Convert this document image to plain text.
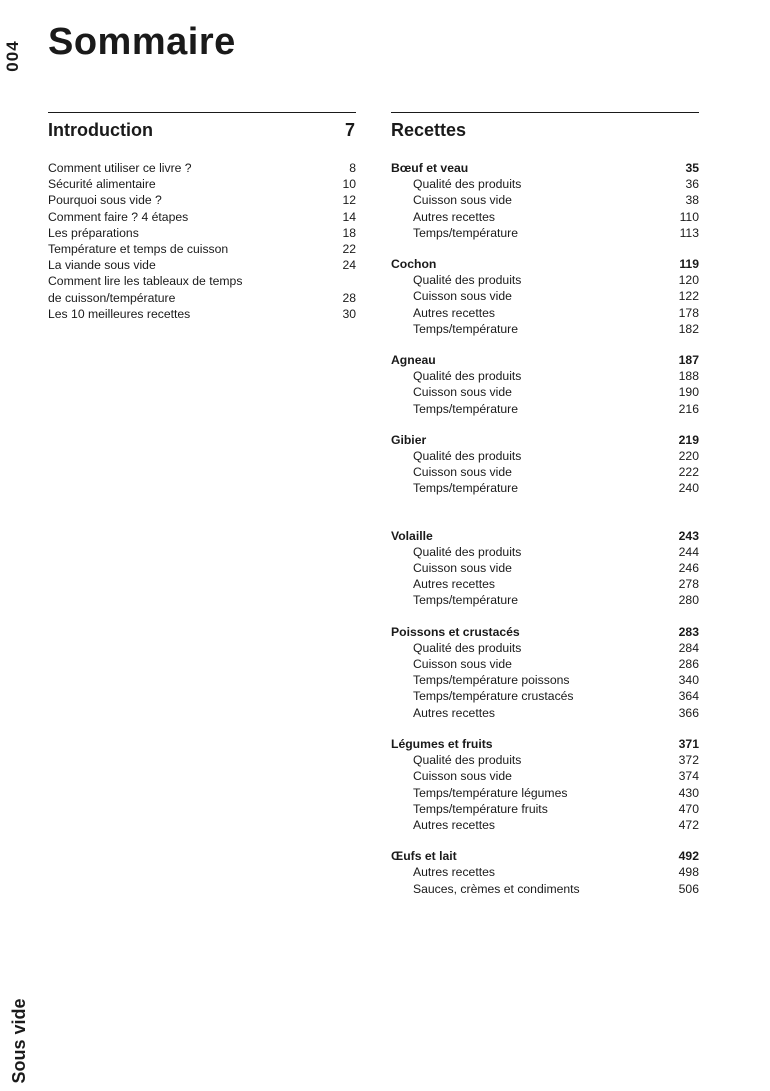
004
Sous vide
Sommaire
Introduction	7
Comment utiliser ce livre ?	8
Sécurité alimentaire	10
Pourquoi sous vide ?	12
Comment faire ? 4 étapes	14
Les préparations	18
Température et temps de cuisson	22
La viande sous vide	24
Comment lire les tableaux de temps
de cuisson/température	28
Les 10 meilleures recettes	30
Recettes
Bœuf et veau	35
Qualité des produits	36
Cuisson sous vide	38
Autres recettes	110
Temps/température	113
Cochon	119
Qualité des produits	120
Cuisson sous vide	122
Autres recettes	178
Temps/température	182
Agneau	187
Qualité des produits	188
Cuisson sous vide	190
Temps/température	216
Gibier	219
Qualité des produits	220
Cuisson sous vide	222
Temps/température	240
Volaille	243
Qualité des produits	244
Cuisson sous vide	246
Autres recettes	278
Temps/température	280
Poissons et crustacés	283
Qualité des produits	284
Cuisson sous vide	286
Temps/température poissons	340
Temps/température crustacés	364
Autres recettes	366
Légumes et fruits	371
Qualité des produits	372
Cuisson sous vide	374
Temps/température légumes	430
Temps/température fruits	470
Autres recettes	472
Œufs et lait	492
Autres recettes	498
Sauces, crèmes et condiments	506
